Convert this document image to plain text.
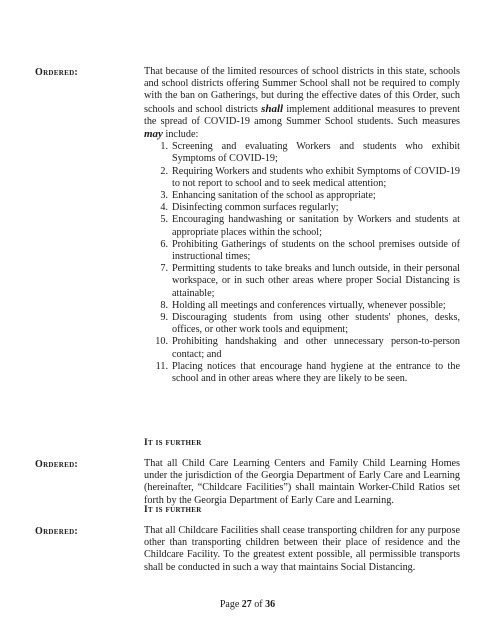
Ordered:	That because of the limited resources of school districts in this state, schools and school districts offering Summer School shall not be required to comply with the ban on Gatherings, but during the effective dates of this Order, such schools and school districts shall implement additional measures to prevent the spread of COVID-19 among Summer School students. Such measures may include:

1. Screening and evaluating Workers and students who exhibit Symptoms of COVID-19;
2. Requiring Workers and students who exhibit Symptoms of COVID-19 to not report to school and to seek medical attention;
3. Enhancing sanitation of the school as appropriate;
4. Disinfecting common surfaces regularly;
5. Encouraging handwashing or sanitation by Workers and students at appropriate places within the school;
6. Prohibiting Gatherings of students on the school premises outside of instructional times;
7. Permitting students to take breaks and lunch outside, in their personal workspace, or in such other areas where proper Social Distancing is attainable;
8. Holding all meetings and conferences virtually, whenever possible;
9. Discouraging students from using other students' phones, desks, offices, or other work tools and equipment;
10. Prohibiting handshaking and other unnecessary person-to-person contact; and
11. Placing notices that encourage hand hygiene at the entrance to the school and in other areas where they are likely to be seen.
It is further
Ordered:	That all Child Care Learning Centers and Family Child Learning Homes under the jurisdiction of the Georgia Department of Early Care and Learning (hereinafter, “Childcare Facilities”) shall maintain Worker-Child Ratios set forth by the Georgia Department of Early Care and Learning.

It is further
Ordered:	That all Childcare Facilities shall cease transporting children for any purpose other than transporting children between their place of residence and the Childcare Facility. To the greatest extent possible, all permissible transports shall be conducted in such a way that maintains Social Distancing.

Page 27 of 36
